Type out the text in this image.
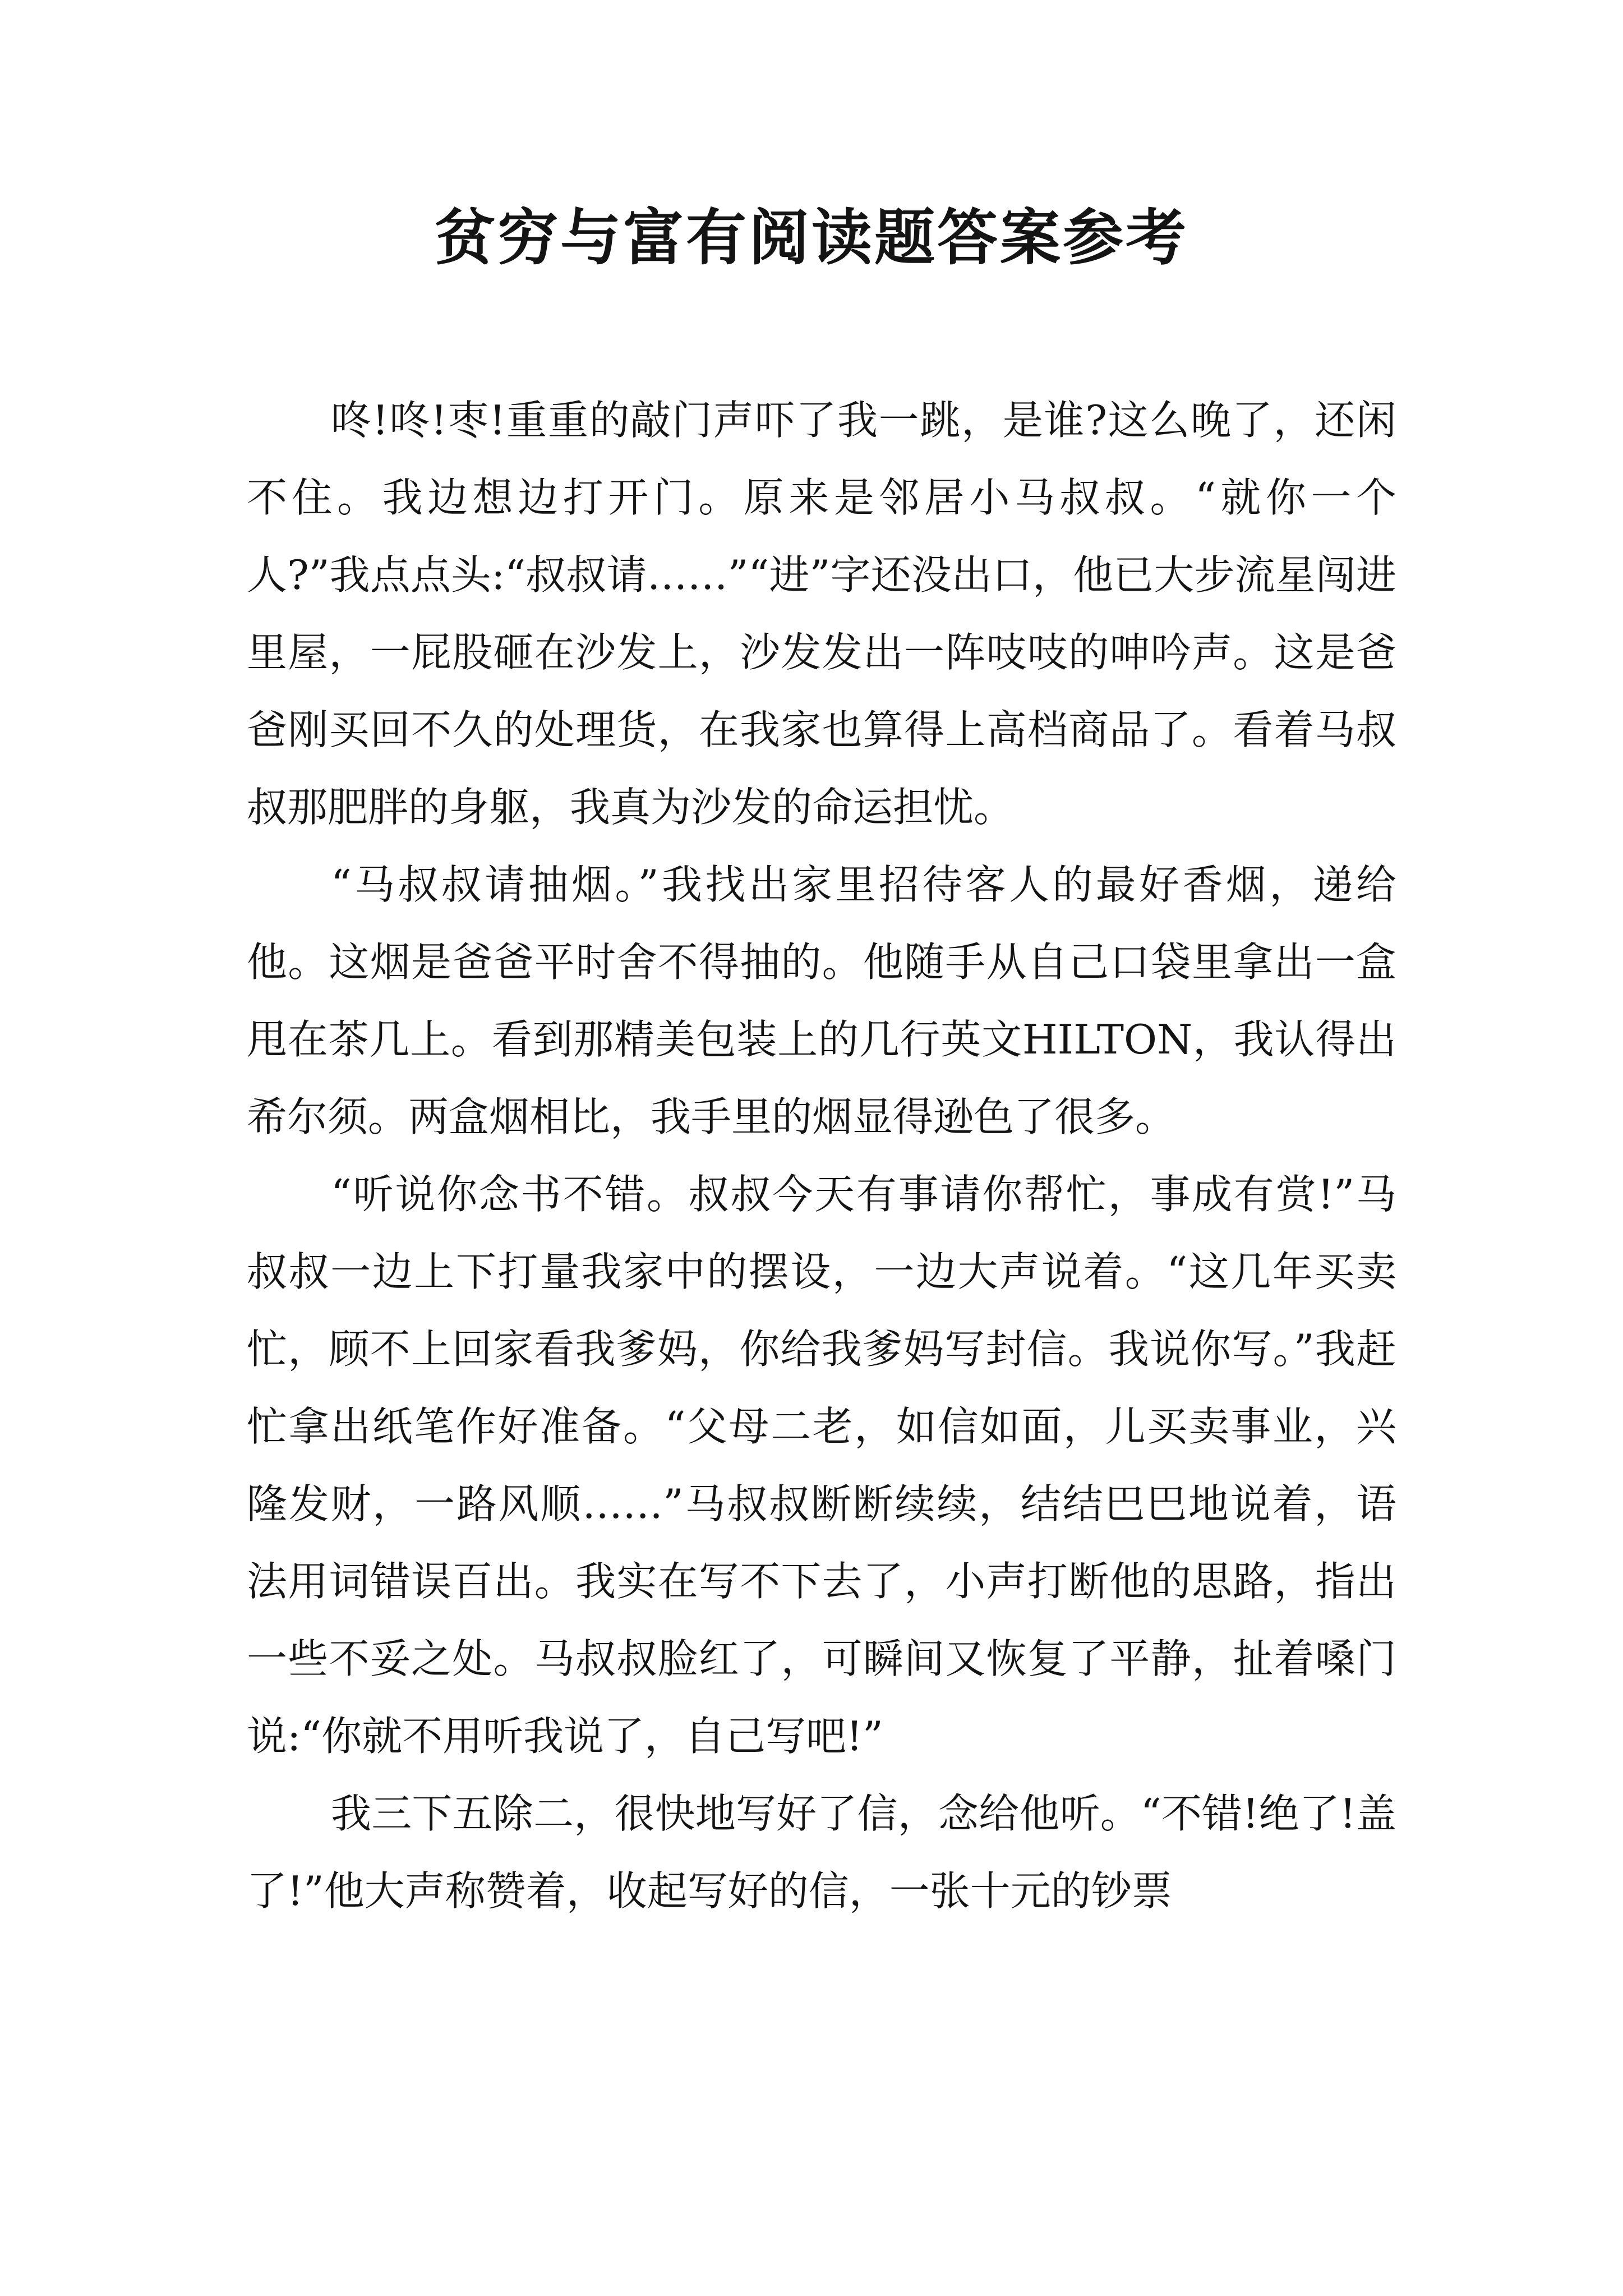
贫穷与富有阅读题答案参考

咚!咚!枣!重重的敲门声吓了我一跳，是谁?这么晚了，还闲不住。我边想边打开门。原来是邻居小马叔叔。“就你一个人?”我点点头:“叔叔请……”“进”字还没出口，他已大步流星闯进里屋，一屁股砸在沙发上，沙发发出一阵吱吱的呻吟声。这是爸爸刚买回不久的处理货，在我家也算得上高档商品了。看着马叔叔那肥胖的身躯，我真为沙发的命运担忧。

“马叔叔请抽烟。”我找出家里招待客人的最好香烟，递给他。这烟是爸爸平时舍不得抽的。他随手从自己口袋里拿出一盒甩在茶几上。看到那精美包装上的几行英文HILTON，我认得出希尔须。两盒烟相比，我手里的烟显得逊色了很多。

“听说你念书不错。叔叔今天有事请你帮忙，事成有赏!”马叔叔一边上下打量我家中的摆设，一边大声说着。“这几年买卖忙，顾不上回家看我爹妈，你给我爹妈写封信。我说你写。”我赶忙拿出纸笔作好准备。“父母二老，如信如面，儿买卖事业，兴隆发财，一路风顺……”马叔叔断断续续，结结巴巴地说着，语法用词错误百出。我实在写不下去了，小声打断他的思路，指出一些不妥之处。马叔叔脸红了，可瞬间又恢复了平静，扯着嗓门说:“你就不用听我说了，自己写吧!”

我三下五除二，很快地写好了信，念给他听。“不错!绝了!盖了!”他大声称赞着，收起写好的信，一张十元的钞票
